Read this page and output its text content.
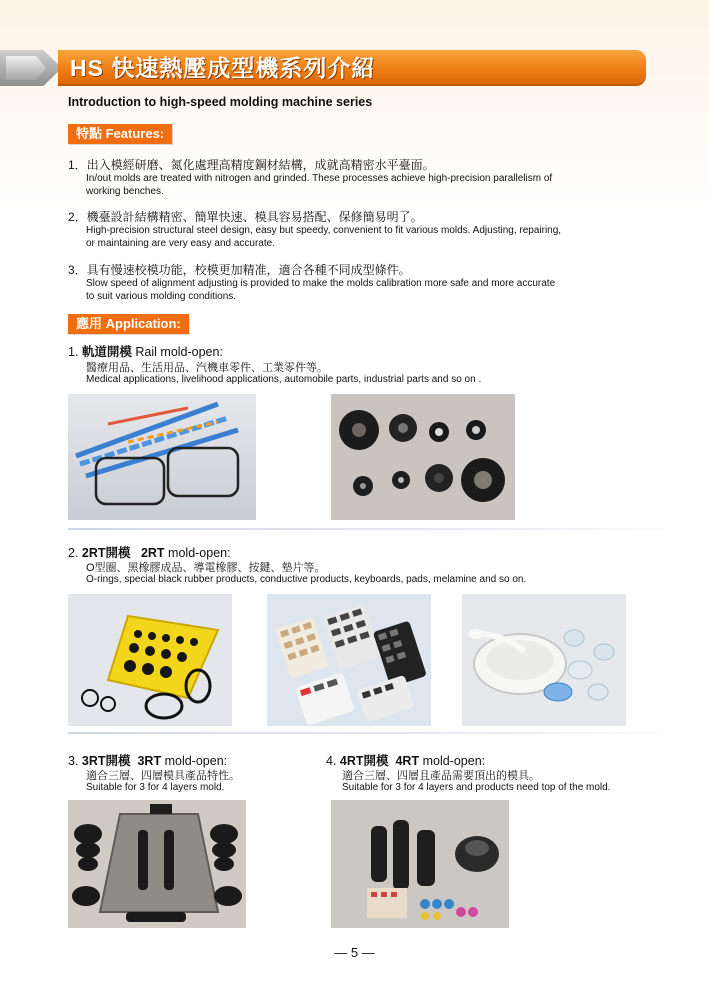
HS 快速熱壓成型機系列介紹
Introduction to high-speed molding machine series
特點 Features:
1．出入模經研磨、氮化處理高精度鋼材結構，成就高精密水平臺面。
In/out molds are treated with nitrogen and grinded. These processes achieve high-precision parallelism of
working benches.
2．機臺設計結構精密、簡單快速、模具容易搭配、保修簡易明了。
High-precision structural steel design, easy but speedy, convenient to fit various molds. Adjusting, repairing,
or maintaining are very easy and accurate.
3．具有慢速校模功能，校模更加精准，適合各種不同成型條件。
Slow speed of alignment adjusting is provided to make the molds calibration more safe and more accurate
to suit various molding conditions.
應用 Application:
1. 軌道開模 Rail mold-open:
醫療用品、生活用品、汽機車零件、工業零件等。
Medical applications, livelihood applications, automobile parts, industrial parts and so on .
2. 2RT開模 2RT mold-open:
O型圈、黑橡膠成品、導電橡膠、按鍵、墊片等。
O-rings, special black rubber products, conductive products, keyboards, pads, melamine and so on.
3. 3RT開模 3RT mold-open:
適合三層、四層模具產品特性。
Suitable for 3 for 4 layers mold.
4. 4RT開模 4RT mold-open:
適合三層、四層且產品需要頂出的模具。
Suitable for 3 for 4 layers and products need top of the mold.
— 5 —
